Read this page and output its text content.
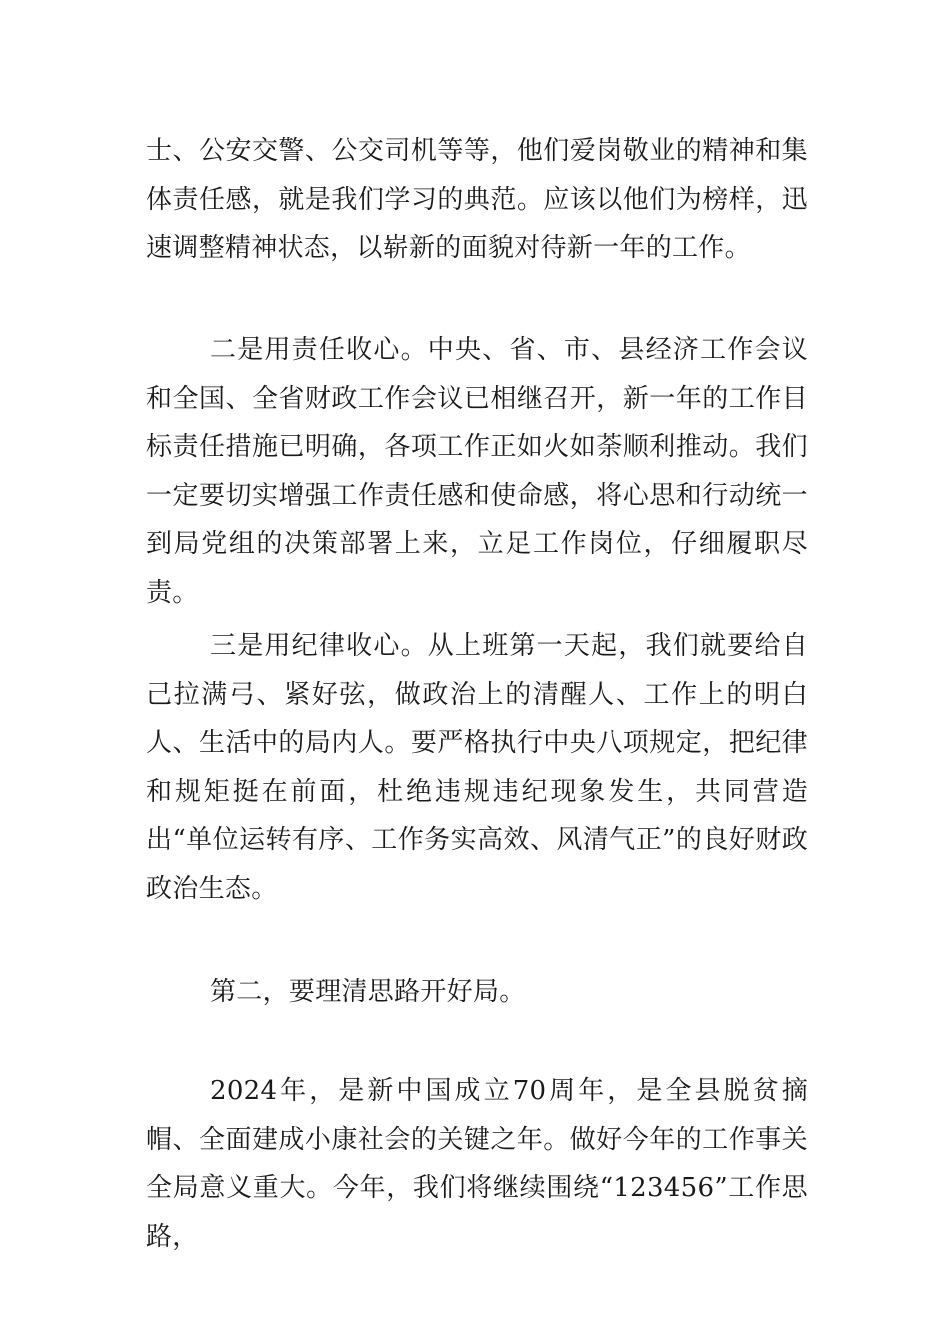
士、公安交警、公交司机等等，他们爱岗敬业的精神和集体责任感，就是我们学习的典范。应该以他们为榜样，迅速调整精神状态，以崭新的面貌对待新一年的工作。

二是用责任收心。中央、省、市、县经济工作会议和全国、全省财政工作会议已相继召开，新一年的工作目标责任措施已明确，各项工作正如火如荼顺利推动。我们一定要切实增强工作责任感和使命感，将心思和行动统一到局党组的决策部署上来，立足工作岗位，仔细履职尽责。

三是用纪律收心。从上班第一天起，我们就要给自己拉满弓、紧好弦，做政治上的清醒人、工作上的明白人、生活中的局内人。要严格执行中央八项规定，把纪律和规矩挺在前面，杜绝违规违纪现象发生，共同营造出“单位运转有序、工作务实高效、风清气正”的良好财政政治生态。

第二，要理清思路开好局。

2024年，是新中国成立70周年，是全县脱贫摘帽、全面建成小康社会的关键之年。做好今年的工作事关全局意义重大。今年，我们将继续围绕“123456”工作思路，
